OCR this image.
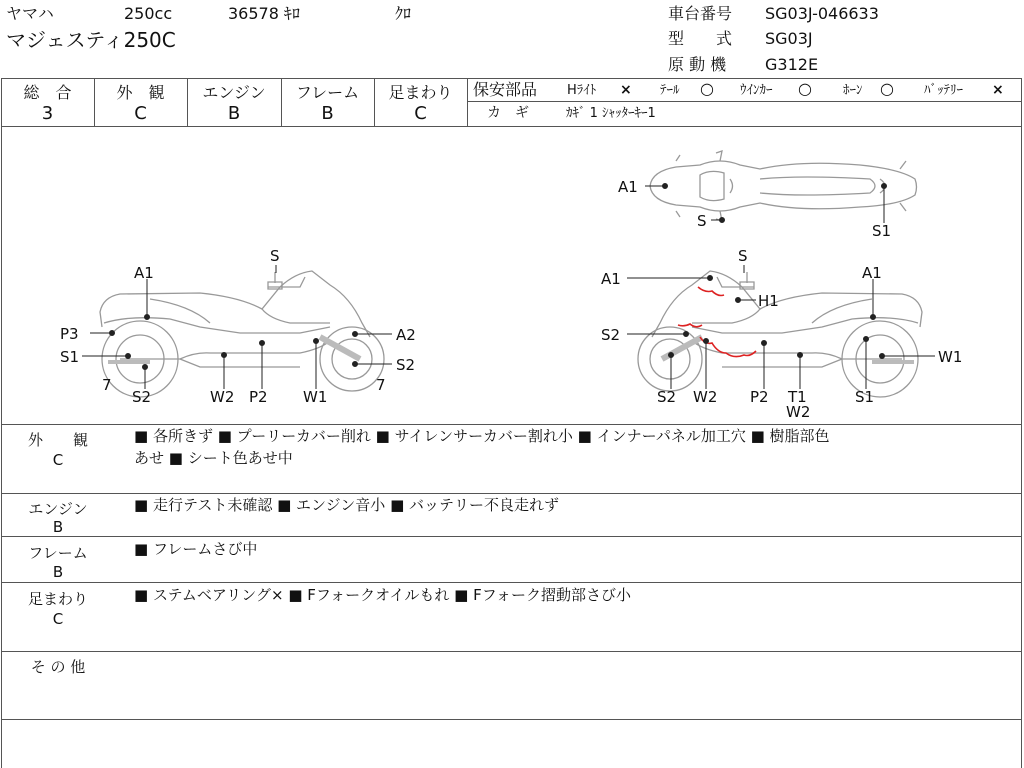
ヤマハ	250cc	36578 ｷﾛ	ｸﾛ
マジェスティ250C
車台番号 SG03J-046633
型　　式 SG03J
原 動 機 G312E
総　合
3
外　観
C
エンジン
B
フレーム
B
足まわり
C
保安部品 Hﾗｲﾄ × ﾃｰﾙ ○ ｳｲﾝｶｰ ○ ﾎｰﾝ ○ ﾊﾞｯﾃﾘｰ ×
カ　ギ	ｶｷﾞ 1 ｼｬｯﾀｰｷｰ1
A1
S
P3	A2
S1	S2
7
S2	W2 P2 W1
7
A1
S
S1
A1
S
H1
A1
S2
W1
S2 W2 P2 T1
W2
S1
外　　観
C
■ 各所きず ■ プーリーカバー削れ ■ サイレンサーカバー割れ小 ■ インナーパネル加工穴 ■ 樹脂部色
あせ ■ シート色あせ中
エンジン
B
■ 走行テスト未確認 ■ エンジン音小 ■ バッテリー不良走れず
フレーム
B
■ フレームさび中
足まわり
C
■ ステムベアリング× ■ Fフォークオイルもれ ■ Fフォーク摺動部さび小
そ の 他
